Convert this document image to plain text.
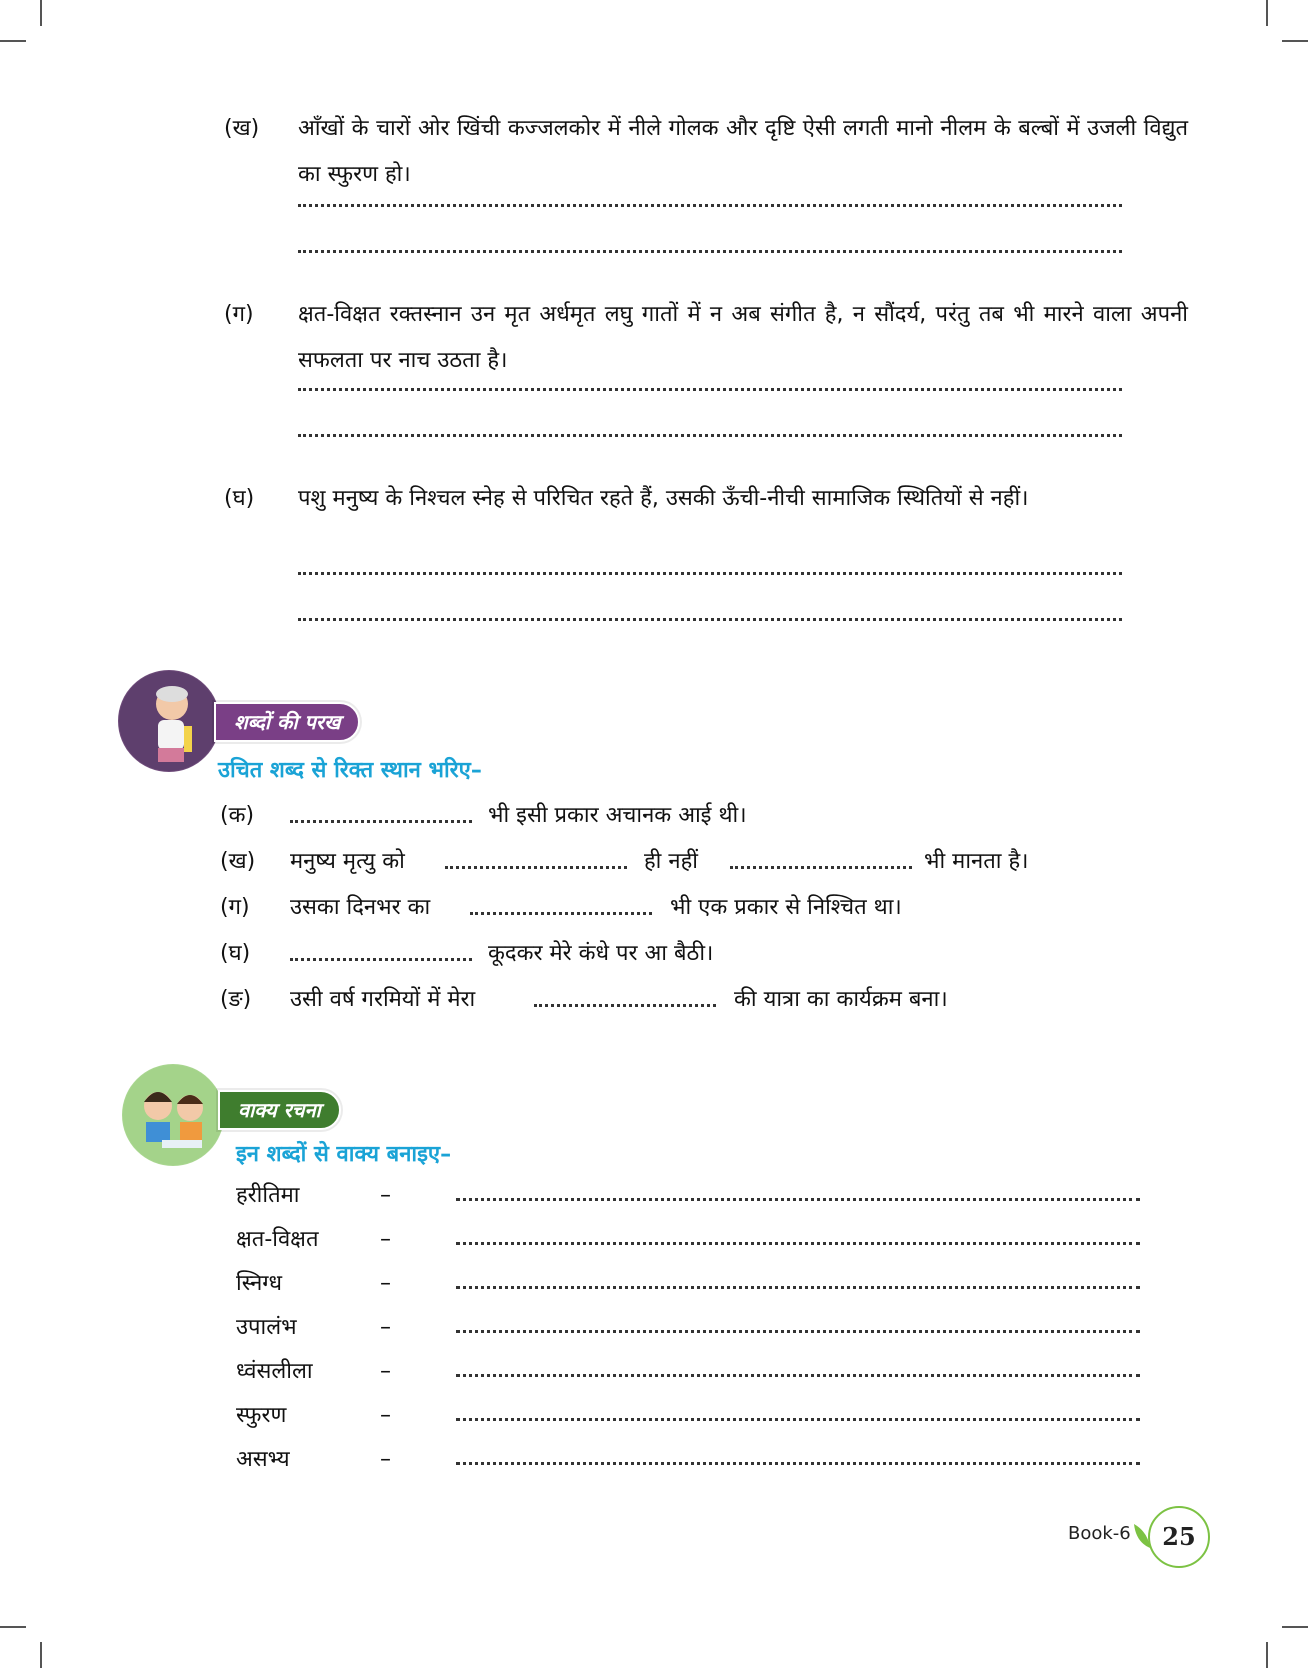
(ख)	आँखों के चारों ओर खिंची कज्जलकोर में नीले गोलक और दृष्टि ऐसी लगती मानो नीलम के बल्बों में उजली विद्युत का स्फुरण हो।
(ग)	क्षत-विक्षत रक्तस्नान उन मृत अर्धमृत लघु गातों में न अब संगीत है, न सौंदर्य, परंतु तब भी मारने वाला अपनी सफलता पर नाच उठता है।
(घ)	पशु मनुष्य के निश्चल स्नेह से परिचित रहते हैं, उसकी ऊँची-नीची सामाजिक स्थितियों से नहीं।
शब्दों की परख
उचित शब्द से रिक्त स्थान भरिए–
(क)	भी इसी प्रकार अचानक आई थी।
(ख) मनुष्य मृत्यु को	ही नहीं	भी मानता है।
(ग) उसका दिनभर का	भी एक प्रकार से निश्चित था।
(घ)	कूदकर मेरे कंधे पर आ बैठी।
(ङ) उसी वर्ष गरमियों में मेरा	की यात्रा का कार्यक्रम बना।
वाक्य रचना
इन शब्दों से वाक्य बनाइए–
हरीतिमा	–
क्षत-विक्षत	–
स्निग्ध	–
उपालंभ	–
ध्वंसलीला	–
स्फुरण	–
असभ्य	–
Book-6	25
